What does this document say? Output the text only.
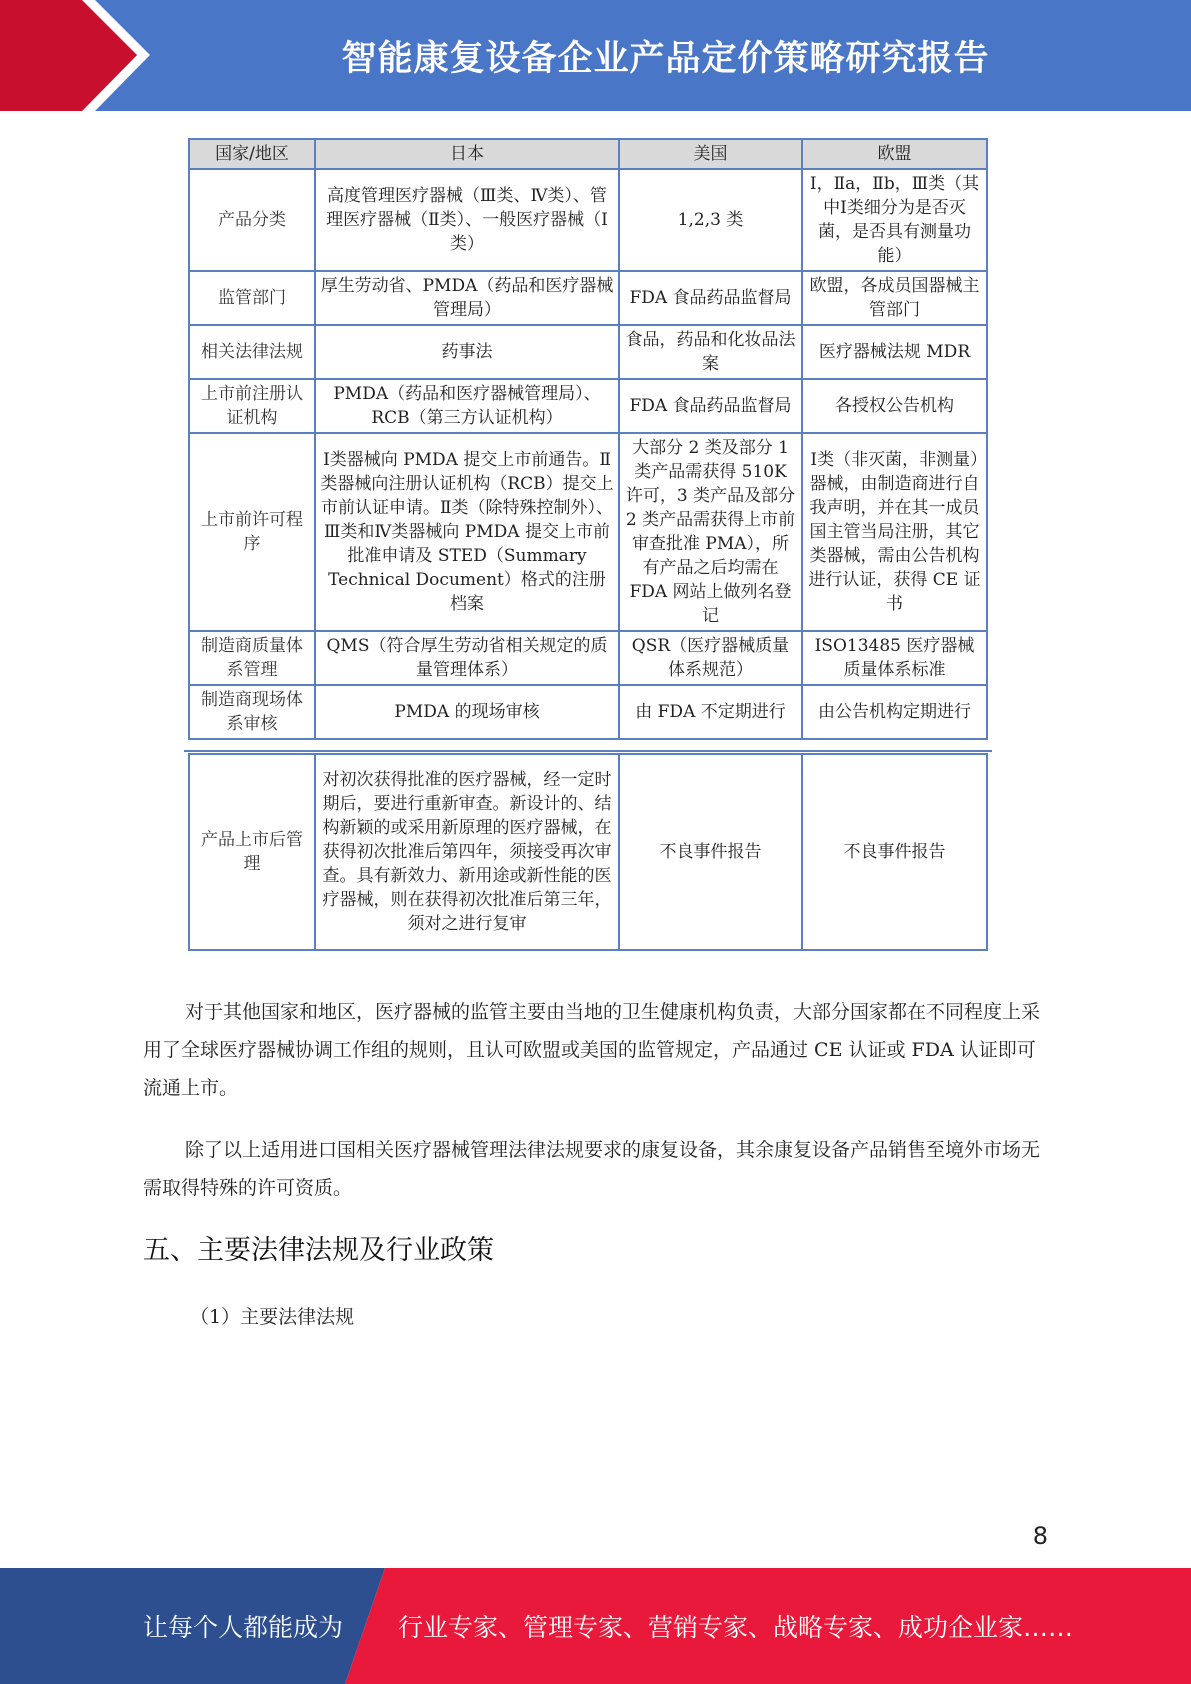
智能康复设备企业产品定价策略研究报告
国家/地区	日本	美国	欧盟
产品分类	高度管理医疗器械（Ⅲ类、Ⅳ类）、管理医疗器械（Ⅱ类）、一般医疗器械（Ⅰ类）	1,2,3 类	Ⅰ，Ⅱa，Ⅱb，Ⅲ类（其中Ⅰ类细分为是否灭菌，是否具有测量功能）
监管部门	厚生劳动省、PMDA（药品和医疗器械管理局）	FDA 食品药品监督局	欧盟，各成员国器械主管部门
相关法律法规	药事法	食品，药品和化妆品法案	医疗器械法规 MDR
上市前注册认证机构	PMDA（药品和医疗器械管理局）、RCB（第三方认证机构）	FDA 食品药品监督局	各授权公告机构
上市前许可程序	Ⅰ类器械向 PMDA 提交上市前通告。Ⅱ类器械向注册认证机构（RCB）提交上市前认证申请。Ⅱ类（除特殊控制外）、Ⅲ类和Ⅳ类器械向 PMDA 提交上市前批准申请及 STED（Summary Technical Document）格式的注册档案	大部分 2 类及部分 1 类产品需获得 510K 许可，3 类产品及部分 2 类产品需获得上市前审查批准 PMA），所有产品之后均需在 FDA 网站上做列名登记	Ⅰ类（非灭菌，非测量）器械，由制造商进行自我声明，并在其一成员国主管当局注册，其它类器械，需由公告机构进行认证，获得 CE 证书
制造商质量体系管理	QMS（符合厚生劳动省相关规定的质量管理体系）	QSR（医疗器械质量体系规范）	ISO13485 医疗器械质量体系标准
制造商现场体系审核	PMDA 的现场审核	由 FDA 不定期进行	由公告机构定期进行
产品上市后管理	对初次获得批准的医疗器械，经一定时期后，要进行重新审查。新设计的、结构新颖的或采用新原理的医疗器械，在获得初次批准后第四年，须接受再次审查。具有新效力、新用途或新性能的医疗器械，则在获得初次批准后第三年，须对之进行复审	不良事件报告	不良事件报告
对于其他国家和地区，医疗器械的监管主要由当地的卫生健康机构负责，大部分国家都在不同程度上采用了全球医疗器械协调工作组的规则，且认可欧盟或美国的监管规定，产品通过 CE 认证或 FDA 认证即可流通上市。
除了以上适用进口国相关医疗器械管理法律法规要求的康复设备，其余康复设备产品销售至境外市场无需取得特殊的许可资质。
五、主要法律法规及行业政策
（1）主要法律法规
8
让每个人都能成为 行业专家、管理专家、营销专家、战略专家、成功企业家……
